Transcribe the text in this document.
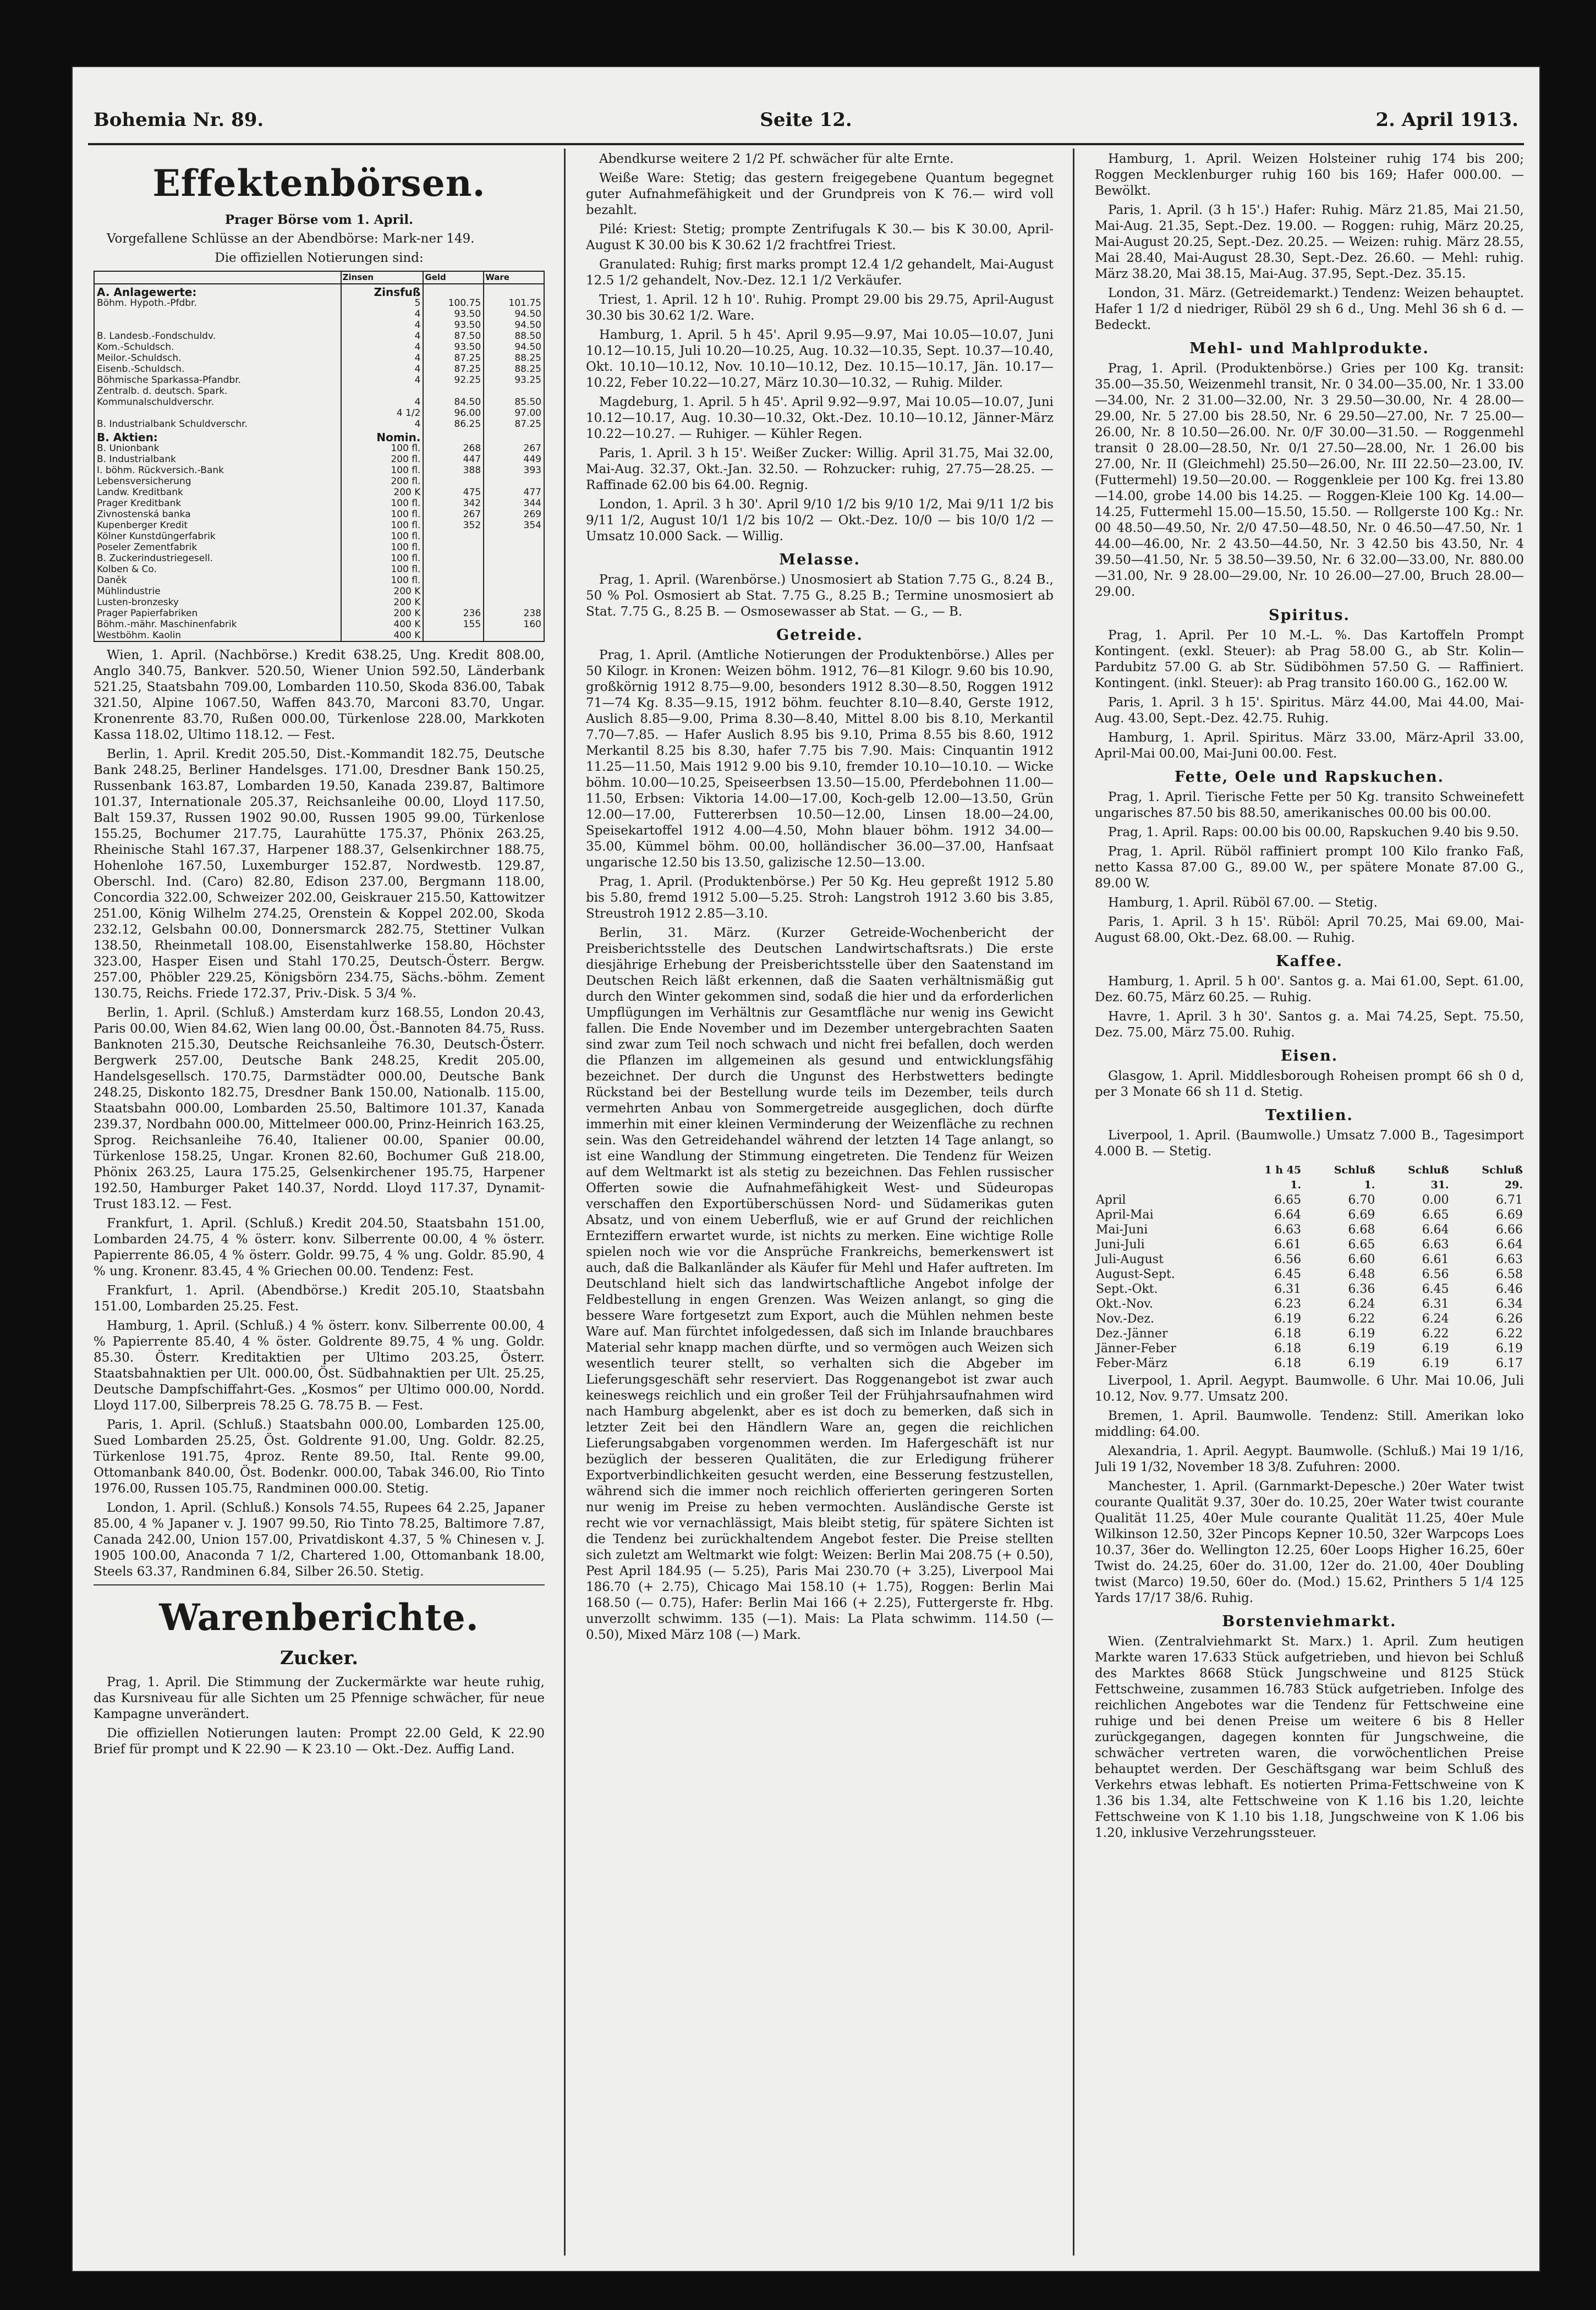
Bohemia Nr. 89.	Seite 12.	2. April 1913.
Effektenbörsen.

Prager Börse vom 1. April.

Vorgefallene Schlüsse an der Abendbörse: Mark-ner 149.

Die offiziellen Notierungen sind:

	Zinsen	Geld	Ware
A. Anlagewerte:	Zinsfuß		
Böhm. Hypoth.-Pfdbr.	5	100.75	101.75
	4	93.50	94.50
	4	93.50	94.50
B. Landesb.-Fondschuldv.	4	87.50	88.50
Kom.-Schuldsch.	4	93.50	94.50
Meilor.-Schuldsch.	4	87.25	88.25
Eisenb.-Schuldsch.	4	87.25	88.25
Böhmische Sparkassa-Pfandbr.	4	92.25	93.25
Zentralb. d. deutsch. Spark.			
Kommunalschuldverschr.	4	84.50	85.50
	4 1/2	96.00	97.00
B. Industrialbank Schuldverschr.	4	86.25	87.25
B. Aktien:	Nomin.		
B. Unionbank	100 fl.	268	267
B. Industrialbank	200 fl.	447	449
I. böhm. Rückversich.-Bank	100 fl.	388	393
Lebensversicherung	200 fl.		
Landw. Kreditbank	200 K	475	477
Prager Kreditbank	100 fl.	342	344
Zivnostenská banka	100 fl.	267	269
Kupenberger Kredit	100 fl.	352	354
Kölner Kunstdüngerfabrik	100 fl.		
Poseler Zementfabrik	100 fl.		
B. Zuckerindustriegesell.	100 fl.		
Kolben & Co.	100 fl.		
Daněk	100 fl.		
Mühlindustrie	200 K		
Lusten-bronzesky	200 K		
Prager Papierfabriken	200 K	236	238
Böhm.-mähr. Maschinenfabrik	400 K	155	160
Westböhm. Kaolin	400 K		

Wien, 1. April. (Nachbörse.) Kredit 638.25, Ung. Kredit 808.00, Anglo 340.75, Bankver. 520.50, Wiener Union 592.50, Länderbank 521.25, Staatsbahn 709.00, Lombarden 110.50, Skoda 836.00, Tabak 321.50, Alpine 1067.50, Waffen 843.70, Marconi 83.70, Ungar. Kronenrente 83.70, Rußen 000.00, Türkenlose 228.00, Markkoten Kassa 118.02, Ultimo 118.12. — Fest.

Berlin, 1. April. Kredit 205.50, Dist.-Kommandit 182.75, Deutsche Bank 248.25, Berliner Handelsges. 171.00, Dresdner Bank 150.25, Russenbank 163.87, Lombarden 19.50, Kanada 239.87, Baltimore 101.37, Internationale 205.37, Reichsanleihe 00.00, Lloyd 117.50, Balt 159.37, Russen 1902 90.00, Russen 1905 99.00, Türkenlose 155.25, Bochumer 217.75, Laurahütte 175.37, Phönix 263.25, Rheinische Stahl 167.37, Harpener 188.37, Gelsenkirchner 188.75, Hohenlohe 167.50, Luxemburger 152.87, Nordwestb. 129.87, Oberschl. Ind. (Caro) 82.80, Edison 237.00, Bergmann 118.00, Concordia 322.00, Schweizer 202.00, Geiskrauer 215.50, Kattowitzer 251.00, König Wilhelm 274.25, Orenstein & Koppel 202.00, Skoda 232.12, Gelsbahn 00.00, Donnersmarck 282.75, Stettiner Vulkan 138.50, Rheinmetall 108.00, Eisenstahlwerke 158.80, Höchster 323.00, Hasper Eisen und Stahl 170.25, Deutsch-Österr. Bergw. 257.00, Phöbler 229.25, Königsbörn 234.75, Sächs.-böhm. Zement 130.75, Reichs. Friede 172.37, Priv.-Disk. 5 3/4 %.

Berlin, 1. April. (Schluß.) Amsterdam kurz 168.55, London 20.43, Paris 00.00, Wien 84.62, Wien lang 00.00, Öst.-Bannoten 84.75, Russ. Banknoten 215.30, Deutsche Reichsanleihe 76.30, Deutsch-Österr. Bergwerk 257.00, Deutsche Bank 248.25, Kredit 205.00, Handelsgesellsch. 170.75, Darmstädter 000.00, Deutsche Bank 248.25, Diskonto 182.75, Dresdner Bank 150.00, Nationalb. 115.00, Staatsbahn 000.00, Lombarden 25.50, Baltimore 101.37, Kanada 239.37, Nordbahn 000.00, Mittelmeer 000.00, Prinz-Heinrich 163.25, Sprog. Reichsanleihe 76.40, Italiener 00.00, Spanier 00.00, Türkenlose 158.25, Ungar. Kronen 82.60, Bochumer Guß 218.00, Phönix 263.25, Laura 175.25, Gelsenkirchener 195.75, Harpener 192.50, Hamburger Paket 140.37, Nordd. Lloyd 117.37, Dynamit-Trust 183.12. — Fest.

Frankfurt, 1. April. (Schluß.) Kredit 204.50, Staatsbahn 151.00, Lombarden 24.75, 4 % österr. konv. Silberrente 00.00, 4 % österr. Papierrente 86.05, 4 % österr. Goldr. 99.75, 4 % ung. Goldr. 85.90, 4 % ung. Kronenr. 83.45, 4 % Griechen 00.00. Tendenz: Fest.

Frankfurt, 1. April. (Abendbörse.) Kredit 205.10, Staatsbahn 151.00, Lombarden 25.25. Fest.

Hamburg, 1. April. (Schluß.) 4 % österr. konv. Silberrente 00.00, 4 % Papierrente 85.40, 4 % öster. Goldrente 89.75, 4 % ung. Goldr. 85.30. Österr. Kreditaktien per Ultimo 203.25, Österr. Staatsbahnaktien per Ult. 000.00, Öst. Südbahnaktien per Ult. 25.25, Deutsche Dampfschiffahrt-Ges. „Kosmos“ per Ultimo 000.00, Nordd. Lloyd 117.00, Silberpreis 78.25 G. 78.75 B. — Fest.

Paris, 1. April. (Schluß.) Staatsbahn 000.00, Lombarden 125.00, Sued Lombarden 25.25, Öst. Goldrente 91.00, Ung. Goldr. 82.25, Türkenlose 191.75, 4proz. Rente 89.50, Ital. Rente 99.00, Ottomanbank 840.00, Öst. Bodenkr. 000.00, Tabak 346.00, Rio Tinto 1976.00, Russen 105.75, Randminen 000.00. Stetig.

London, 1. April. (Schluß.) Konsols 74.55, Rupees 64 2.25, Japaner 85.00, 4 % Japaner v. J. 1907 99.50, Rio Tinto 78.25, Baltimore 7.87, Canada 242.00, Union 157.00, Privatdiskont 4.37, 5 % Chinesen v. J. 1905 100.00, Anaconda 7 1/2, Chartered 1.00, Ottomanbank 18.00, Steels 63.37, Randminen 6.84, Silber 26.50. Stetig.

Warenberichte.
Zucker.

Prag, 1. April. Die Stimmung der Zuckermärkte war heute ruhig, das Kursniveau für alle Sichten um 25 Pfennige schwächer, für neue Kampagne unverändert.

Die offiziellen Notierungen lauten: Prompt 22.00 Geld, K 22.90 Brief für prompt und K 22.90 — K 23.10 — Okt.-Dez. Auffig Land.

Abendkurse weitere 2 1/2 Pf. schwächer für alte Ernte.

Weiße Ware: Stetig; das gestern freigegebene Quantum begegnet guter Aufnahmefähigkeit und der Grundpreis von K 76.— wird voll bezahlt.

Pilé: Kriest: Stetig; prompte Zentrifugals K 30.— bis K 30.00, April-August K 30.00 bis K 30.62 1/2 frachtfrei Triest.

Granulated: Ruhig; first marks prompt 12.4 1/2 gehandelt, Mai-August 12.5 1/2 gehandelt, Nov.-Dez. 12.1 1/2 Verkäufer.

Triest, 1. April. 12 h 10'. Ruhig. Prompt 29.00 bis 29.75, April-August 30.30 bis 30.62 1/2. Ware.

Hamburg, 1. April. 5 h 45'. April 9.95—9.97, Mai 10.05—10.07, Juni 10.12—10.15, Juli 10.20—10.25, Aug. 10.32—10.35, Sept. 10.37—10.40, Okt. 10.10—10.12, Nov. 10.10—10.12, Dez. 10.15—10.17, Jän. 10.17—10.22, Feber 10.22—10.27, März 10.30—10.32, — Ruhig. Milder.

Magdeburg, 1. April. 5 h 45'. April 9.92—9.97, Mai 10.05—10.07, Juni 10.12—10.17, Aug. 10.30—10.32, Okt.-Dez. 10.10—10.12, Jänner-März 10.22—10.27. — Ruhiger. — Kühler Regen.

Paris, 1. April. 3 h 15'. Weißer Zucker: Willig. April 31.75, Mai 32.00, Mai-Aug. 32.37, Okt.-Jan. 32.50. — Rohzucker: ruhig, 27.75—28.25. — Raffinade 62.00 bis 64.00. Regnig.

London, 1. April. 3 h 30'. April 9/10 1/2 bis 9/10 1/2, Mai 9/11 1/2 bis 9/11 1/2, August 10/1 1/2 bis 10/2 — Okt.-Dez. 10/0 — bis 10/0 1/2 — Umsatz 10.000 Sack. — Willig.

Melasse.

Prag, 1. April. (Warenbörse.) Unosmosiert ab Station 7.75 G., 8.24 B., 50 % Pol. Osmosiert ab Stat. 7.75 G., 8.25 B.; Termine unosmosiert ab Stat. 7.75 G., 8.25 B. — Osmosewasser ab Stat. — G., — B.

Getreide.

Prag, 1. April. (Amtliche Notierungen der Produktenbörse.) Alles per 50 Kilogr. in Kronen: Weizen böhm. 1912, 76—81 Kilogr. 9.60 bis 10.90, großkörnig 1912 8.75—9.00, besonders 1912 8.30—8.50, Roggen 1912 71—74 Kg. 8.35—9.15, 1912 böhm. feuchter 8.10—8.40, Gerste 1912, Auslich 8.85—9.00, Prima 8.30—8.40, Mittel 8.00 bis 8.10, Merkantil 7.70—7.85. — Hafer Auslich 8.95 bis 9.10, Prima 8.55 bis 8.60, 1912 Merkantil 8.25 bis 8.30, hafer 7.75 bis 7.90. Mais: Cinquantin 1912 11.25—11.50, Mais 1912 9.00 bis 9.10, fremder 10.10—10.10. — Wicke böhm. 10.00—10.25, Speiseerbsen 13.50—15.00, Pferdebohnen 11.00—11.50, Erbsen: Viktoria 14.00—17.00, Koch-gelb 12.00—13.50, Grün 12.00—17.00, Futtererbsen 10.50—12.00, Linsen 18.00—24.00, Speisekartoffel 1912 4.00—4.50, Mohn blauer böhm. 1912 34.00—35.00, Kümmel böhm. 00.00, holländischer 36.00—37.00, Hanfsaat ungarische 12.50 bis 13.50, galizische 12.50—13.00.

Prag, 1. April. (Produktenbörse.) Per 50 Kg. Heu gepreßt 1912 5.80 bis 5.80, fremd 1912 5.00—5.25. Stroh: Langstroh 1912 3.60 bis 3.85, Streustroh 1912 2.85—3.10.

Berlin, 31. März. (Kurzer Getreide-Wochenbericht der Preisberichtsstelle des Deutschen Landwirtschaftsrats.) Die erste diesjährige Erhebung der Preisberichtsstelle über den Saatenstand im Deutschen Reich läßt erkennen, daß die Saaten verhältnismäßig gut durch den Winter gekommen sind, sodaß die hier und da erforderlichen Umpflügungen im Verhältnis zur Gesamtfläche nur wenig ins Gewicht fallen. Die Ende November und im Dezember untergebrachten Saaten sind zwar zum Teil noch schwach und nicht frei befallen, doch werden die Pflanzen im allgemeinen als gesund und entwicklungsfähig bezeichnet. Der durch die Ungunst des Herbstwetters bedingte Rückstand bei der Bestellung wurde teils im Dezember, teils durch vermehrten Anbau von Sommergetreide ausgeglichen, doch dürfte immerhin mit einer kleinen Verminderung der Weizenfläche zu rechnen sein. Was den Getreidehandel während der letzten 14 Tage anlangt, so ist eine Wandlung der Stimmung eingetreten. Die Tendenz für Weizen auf dem Weltmarkt ist als stetig zu bezeichnen. Das Fehlen russischer Offerten sowie die Aufnahmefähigkeit West- und Südeuropas verschaffen den Exportüberschüssen Nord- und Südamerikas guten Absatz, und von einem Ueberfluß, wie er auf Grund der reichlichen Ernteziffern erwartet wurde, ist nichts zu merken. Eine wichtige Rolle spielen noch wie vor die Ansprüche Frankreichs, bemerkenswert ist auch, daß die Balkanländer als Käufer für Mehl und Hafer auftreten. Im Deutschland hielt sich das landwirtschaftliche Angebot infolge der Feldbestellung in engen Grenzen. Was Weizen anlangt, so ging die bessere Ware fortgesetzt zum Export, auch die Mühlen nehmen beste Ware auf. Man fürchtet infolgedessen, daß sich im Inlande brauchbares Material sehr knapp machen dürfte, und so vermögen auch Weizen sich wesentlich teurer stellt, so verhalten sich die Abgeber im Lieferungsgeschäft sehr reserviert. Das Roggenangebot ist zwar auch keineswegs reichlich und ein großer Teil der Frühjahrsaufnahmen wird nach Hamburg abgelenkt, aber es ist doch zu bemerken, daß sich in letzter Zeit bei den Händlern Ware an, gegen die reichlichen Lieferungsabgaben vorgenommen werden. Im Hafergeschäft ist nur bezüglich der besseren Qualitäten, die zur Erledigung früherer Exportverbindlichkeiten gesucht werden, eine Besserung festzustellen, während sich die immer noch reichlich offerierten geringeren Sorten nur wenig im Preise zu heben vermochten. Ausländische Gerste ist recht wie vor vernachlässigt, Mais bleibt stetig, für spätere Sichten ist die Tendenz bei zurückhaltendem Angebot fester. Die Preise stellten sich zuletzt am Weltmarkt wie folgt: Weizen: Berlin Mai 208.75 (+ 0.50), Pest April 184.95 (— 5.25), Paris Mai 230.70 (+ 3.25), Liverpool Mai 186.70 (+ 2.75), Chicago Mai 158.10 (+ 1.75), Roggen: Berlin Mai 168.50 (— 0.75), Hafer: Berlin Mai 166 (+ 2.25), Futtergerste fr. Hbg. unverzollt schwimm. 135 (—1). Mais: La Plata schwimm. 114.50 (— 0.50), Mixed März 108 (—) Mark.

Hamburg, 1. April. Weizen Holsteiner ruhig 174 bis 200; Roggen Mecklenburger ruhig 160 bis 169; Hafer 000.00. — Bewölkt.

Paris, 1. April. (3 h 15'.) Hafer: Ruhig. März 21.85, Mai 21.50, Mai-Aug. 21.35, Sept.-Dez. 19.00. — Roggen: ruhig, März 20.25, Mai-August 20.25, Sept.-Dez. 20.25. — Weizen: ruhig. März 28.55, Mai 28.40, Mai-August 28.30, Sept.-Dez. 26.60. — Mehl: ruhig. März 38.20, Mai 38.15, Mai-Aug. 37.95, Sept.-Dez. 35.15.

London, 31. März. (Getreidemarkt.) Tendenz: Weizen behauptet. Hafer 1 1/2 d niedriger, Rüböl 29 sh 6 d., Ung. Mehl 36 sh 6 d. — Bedeckt.

Mehl- und Mahlprodukte.

Prag, 1. April. (Produktenbörse.) Gries per 100 Kg. transit: 35.00—35.50, Weizenmehl transit, Nr. 0 34.00—35.00, Nr. 1 33.00—34.00, Nr. 2 31.00—32.00, Nr. 3 29.50—30.00, Nr. 4 28.00—29.00, Nr. 5 27.00 bis 28.50, Nr. 6 29.50—27.00, Nr. 7 25.00—26.00, Nr. 8 10.50—26.00. Nr. 0/F 30.00—31.50. — Roggenmehl transit 0 28.00—28.50, Nr. 0/1 27.50—28.00, Nr. 1 26.00 bis 27.00, Nr. II (Gleichmehl) 25.50—26.00, Nr. III 22.50—23.00, IV. (Futtermehl) 19.50—20.00. — Roggenkleie per 100 Kg. frei 13.80—14.00, grobe 14.00 bis 14.25. — Roggen-Kleie 100 Kg. 14.00—14.25, Futtermehl 15.00—15.50, 15.50. — Rollgerste 100 Kg.: Nr. 00 48.50—49.50, Nr. 2/0 47.50—48.50, Nr. 0 46.50—47.50, Nr. 1 44.00—46.00, Nr. 2 43.50—44.50, Nr. 3 42.50 bis 43.50, Nr. 4 39.50—41.50, Nr. 5 38.50—39.50, Nr. 6 32.00—33.00, Nr. 880.00—31.00, Nr. 9 28.00—29.00, Nr. 10 26.00—27.00, Bruch 28.00—29.00.

Spiritus.

Prag, 1. April. Per 10 M.-L. %. Das Kartoffeln Prompt Kontingent. (exkl. Steuer): ab Prag 58.00 G., ab Str. Kolin—Pardubitz 57.00 G. ab Str. Südiböhmen 57.50 G. — Raffiniert. Kontingent. (inkl. Steuer): ab Prag transito 160.00 G., 162.00 W.

Paris, 1. April. 3 h 15'. Spiritus. März 44.00, Mai 44.00, Mai-Aug. 43.00, Sept.-Dez. 42.75. Ruhig.

Hamburg, 1. April. Spiritus. März 33.00, März-April 33.00, April-Mai 00.00, Mai-Juni 00.00. Fest.

Fette, Oele und Rapskuchen.

Prag, 1. April. Tierische Fette per 50 Kg. transito Schweinefett ungarisches 87.50 bis 88.50, amerikanisches 00.00 bis 00.00.

Prag, 1. April. Raps: 00.00 bis 00.00, Rapskuchen 9.40 bis 9.50.

Prag, 1. April. Rüböl raffiniert prompt 100 Kilo franko Faß, netto Kassa 87.00 G., 89.00 W., per spätere Monate 87.00 G., 89.00 W.

Hamburg, 1. April. Rüböl 67.00. — Stetig.

Paris, 1. April. 3 h 15'. Rüböl: April 70.25, Mai 69.00, Mai-August 68.00, Okt.-Dez. 68.00. — Ruhig.

Kaffee.

Hamburg, 1. April. 5 h 00'. Santos g. a. Mai 61.00, Sept. 61.00, Dez. 60.75, März 60.25. — Ruhig.

Havre, 1. April. 3 h 30'. Santos g. a. Mai 74.25, Sept. 75.50, Dez. 75.00, März 75.00. Ruhig.

Eisen.

Glasgow, 1. April. Middlesborough Roheisen prompt 66 sh 0 d, per 3 Monate 66 sh 11 d. Stetig.

Textilien.

Liverpool, 1. April. (Baumwolle.) Umsatz 7.000 B., Tagesimport 4.000 B. — Stetig.

	1 h 45	Schluß	Schluß	Schluß
	1.	1.	31.	29.
April	6.65	6.70	0.00	6.71
April-Mai	6.64	6.69	6.65	6.69
Mai-Juni	6.63	6.68	6.64	6.66
Juni-Juli	6.61	6.65	6.63	6.64
Juli-August	6.56	6.60	6.61	6.63
August-Sept.	6.45	6.48	6.56	6.58
Sept.-Okt.	6.31	6.36	6.45	6.46
Okt.-Nov.	6.23	6.24	6.31	6.34
Nov.-Dez.	6.19	6.22	6.24	6.26
Dez.-Jänner	6.18	6.19	6.22	6.22
Jänner-Feber	6.18	6.19	6.19	6.19
Feber-März	6.18	6.19	6.19	6.17

Liverpool, 1. April. Aegypt. Baumwolle. 6 Uhr. Mai 10.06, Juli 10.12, Nov. 9.77. Umsatz 200.

Bremen, 1. April. Baumwolle. Tendenz: Still. Amerikan loko middling: 64.00.

Alexandria, 1. April. Aegypt. Baumwolle. (Schluß.) Mai 19 1/16, Juli 19 1/32, November 18 3/8. Zufuhren: 2000.

Manchester, 1. April. (Garnmarkt-Depesche.) 20er Water twist courante Qualität 9.37, 30er do. 10.25, 20er Water twist courante Qualität 11.25, 40er Mule courante Qualität 11.25, 40er Mule Wilkinson 12.50, 32er Pincops Kepner 10.50, 32er Warpcops Loes 10.37, 36er do. Wellington 12.25, 60er Loops Higher 16.25, 60er Twist do. 24.25, 60er do. 31.00, 12er do. 21.00, 40er Doubling twist (Marco) 19.50, 60er do. (Mod.) 15.62, Printhers 5 1/4 125 Yards 17/17 38/6. Ruhig.

Borstenviehmarkt.

Wien. (Zentralviehmarkt St. Marx.) 1. April. Zum heutigen Markte waren 17.633 Stück aufgetrieben, und hievon bei Schluß des Marktes 8668 Stück Jungschweine und 8125 Stück Fettschweine, zusammen 16.783 Stück aufgetrieben. Infolge des reichlichen Angebotes war die Tendenz für Fettschweine eine ruhige und bei denen Preise um weitere 6 bis 8 Heller zurückgegangen, dagegen konnten für Jungschweine, die schwächer vertreten waren, die vorwöchentlichen Preise behauptet werden. Der Geschäftsgang war beim Schluß des Verkehrs etwas lebhaft. Es notierten Prima-Fettschweine von K 1.36 bis 1.34, alte Fettschweine von K 1.16 bis 1.20, leichte Fettschweine von K 1.10 bis 1.18, Jungschweine von K 1.06 bis 1.20, inklusive Verzehrungssteuer.
